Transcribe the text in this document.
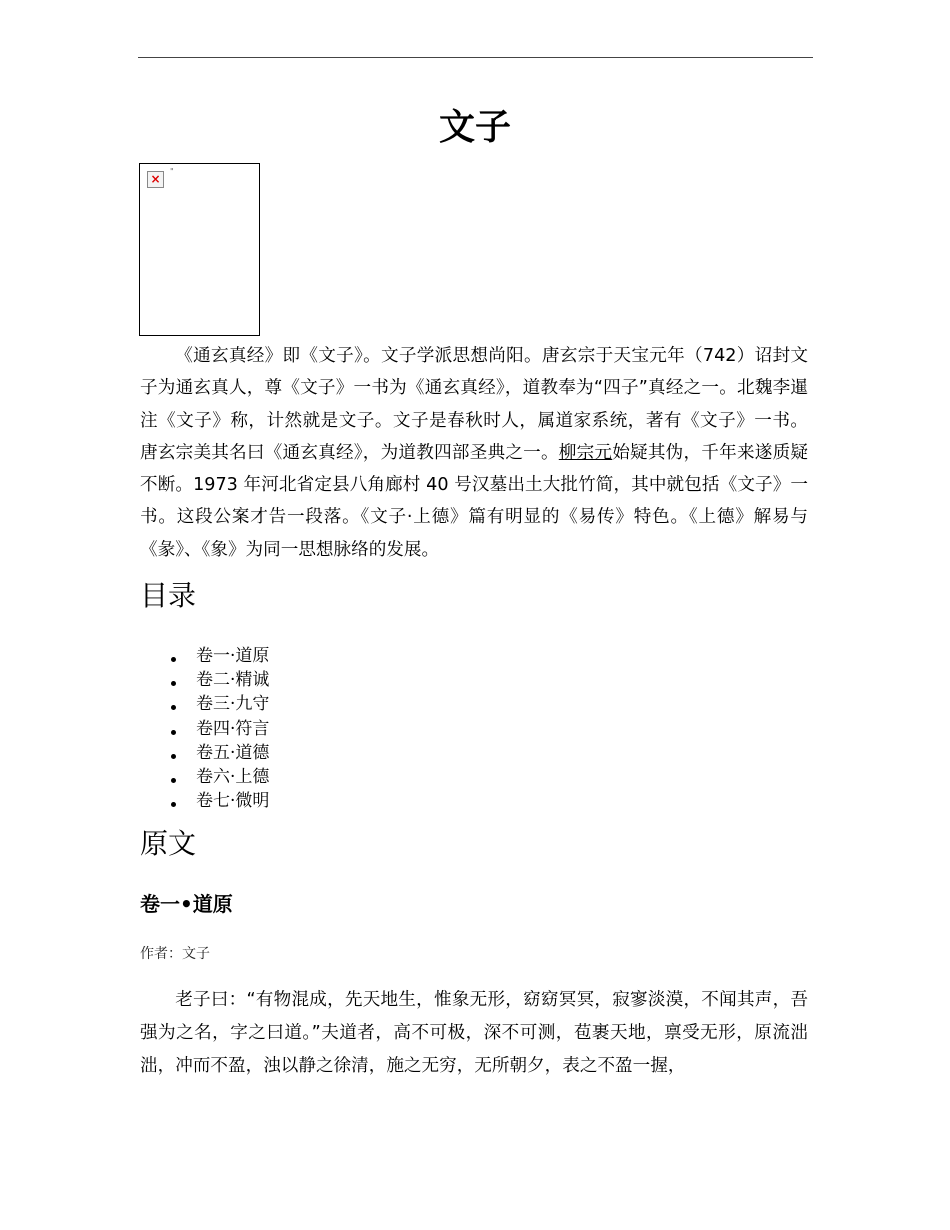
文子
×
"

《通玄真经》即《文子》。文子学派思想尚阳。唐玄宗于天宝元年（742）诏封文子为通玄真人，尊《文子》一书为《通玄真经》，道教奉为“四子”真经之一。北魏李暹注《文子》称，计然就是文子。文子是春秋时人，属道家系统，著有《文子》一书。唐玄宗美其名曰《通玄真经》，为道教四部圣典之一。柳宗元始疑其伪，千年来遂质疑不断。1973 年河北省定县八角廊村 40 号汉墓出土大批竹简，其中就包括《文子》一书。这段公案才告一段落。《文子·上德》篇有明显的《易传》特色。《上德》解易与《彖》、《象》为同一思想脉络的发展。

目录
卷一·道原
卷二·精诚
卷三·九守
卷四·符言
卷五·道德
卷六·上德
卷七·微明
原文
卷一•道原
作者：文子

老子曰：“有物混成，先天地生，惟象无形，窈窈冥冥，寂寥淡漠，不闻其声，吾强为之名，字之曰道。”夫道者，高不可极，深不可测，苞裹天地，禀受无形，原流泏泏，冲而不盈，浊以静之徐清，施之无穷，无所朝夕，表之不盈一握，
